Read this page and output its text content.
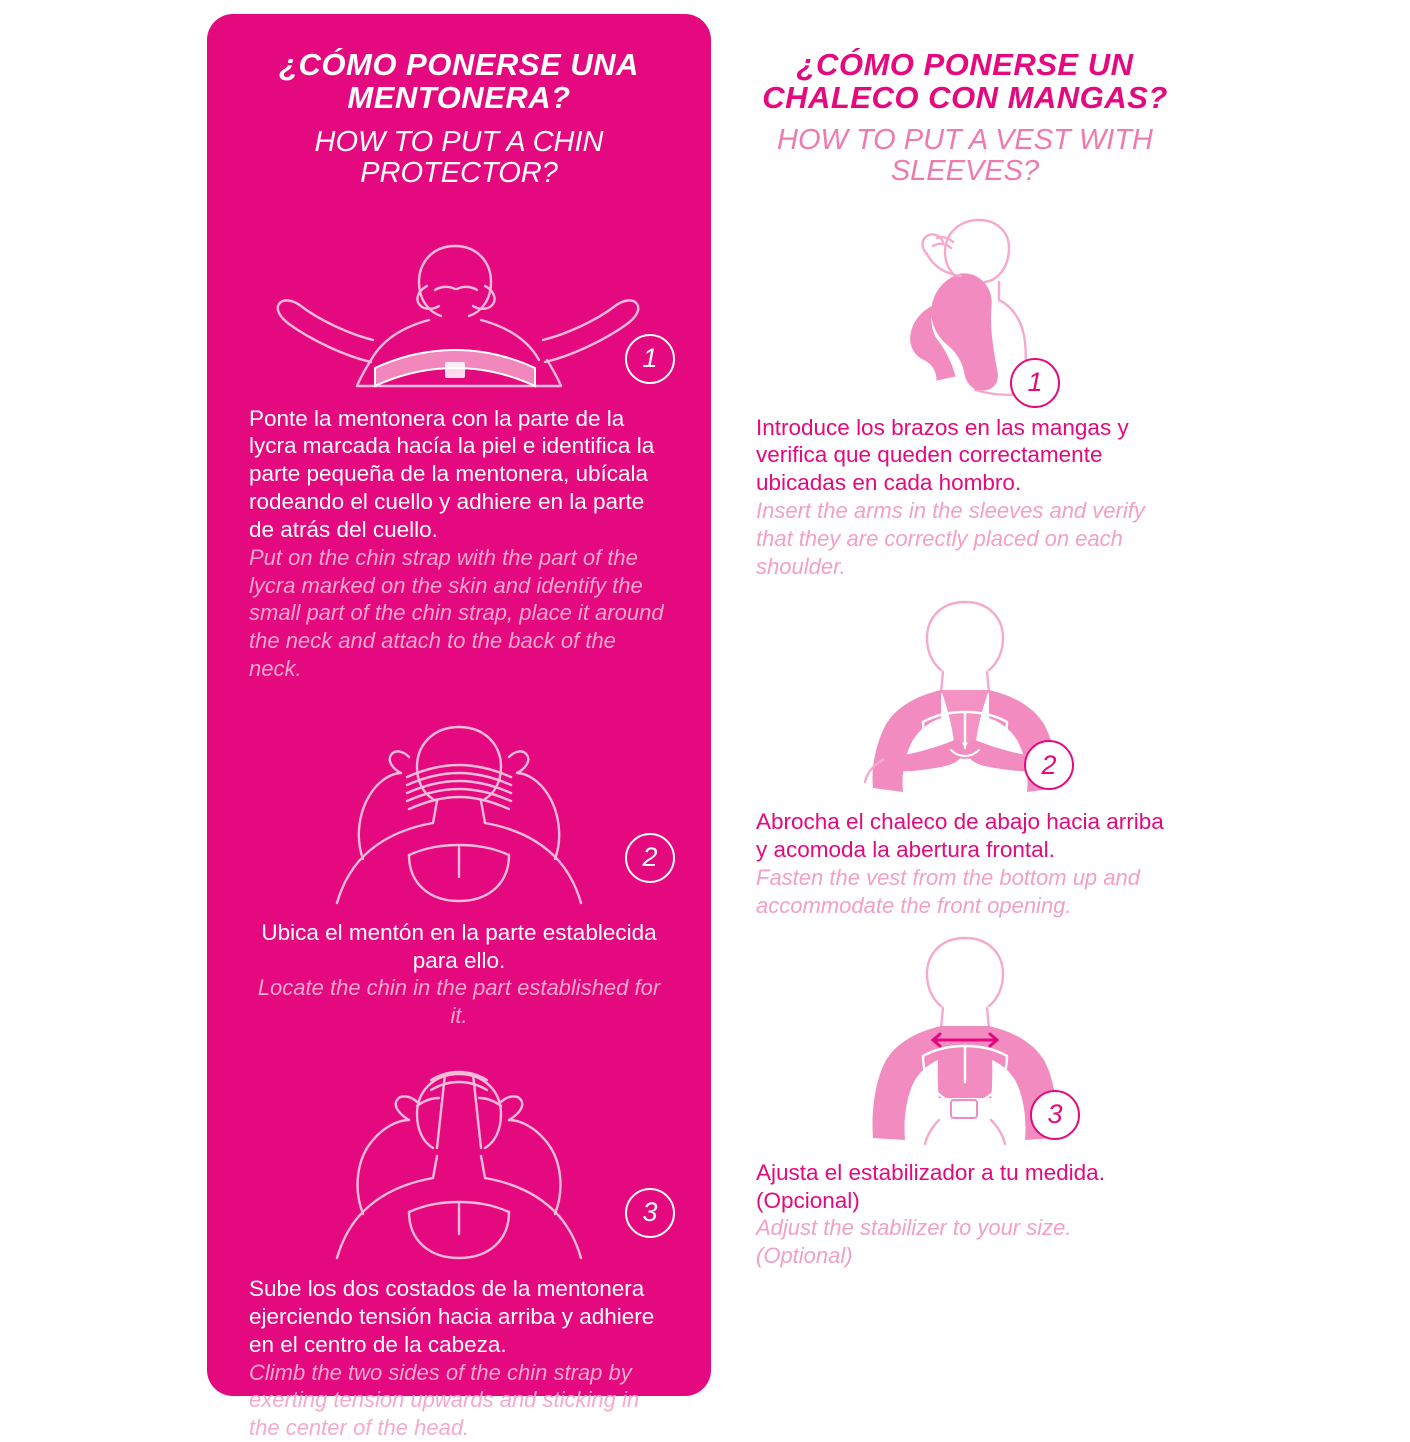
¿CÓMO PONERSE UNA MENTONERA?
HOW TO PUT A CHIN PROTECTOR?
1

Ponte la mentonera con la parte de la lycra marcada hacía la piel e identifica la parte pequeña de la mentonera, ubícala rodeando el cuello y adhiere en la parte de atrás del cuello.

Put on the chin strap with the part of the lycra marked on the skin and identify the small part of the chin strap, place it around the neck and attach to the back of the neck.

2

Ubica el mentón en la parte establecida para ello.

Locate the chin in the part established for it.

3

Sube los dos costados de la mentonera ejerciendo tensión hacia arriba y adhiere en el centro de la cabeza.

Climb the two sides of the chin strap by exerting tension upwards and sticking in the center of the head.

¿CÓMO PONERSE UN CHALECO CON MANGAS?
HOW TO PUT A VEST WITH SLEEVES?
1

Introduce los brazos en las mangas y verifica que queden correctamente ubicadas en cada hombro.

Insert the arms in the sleeves and verify that they are correctly placed on each shoulder.

2

Abrocha el chaleco de abajo hacia arriba y acomoda la abertura frontal.

Fasten the vest from the bottom up and accommodate the front opening.

3

Ajusta el estabilizador a tu medida. (Opcional)

Adjust the stabilizer to your size. (Optional)
